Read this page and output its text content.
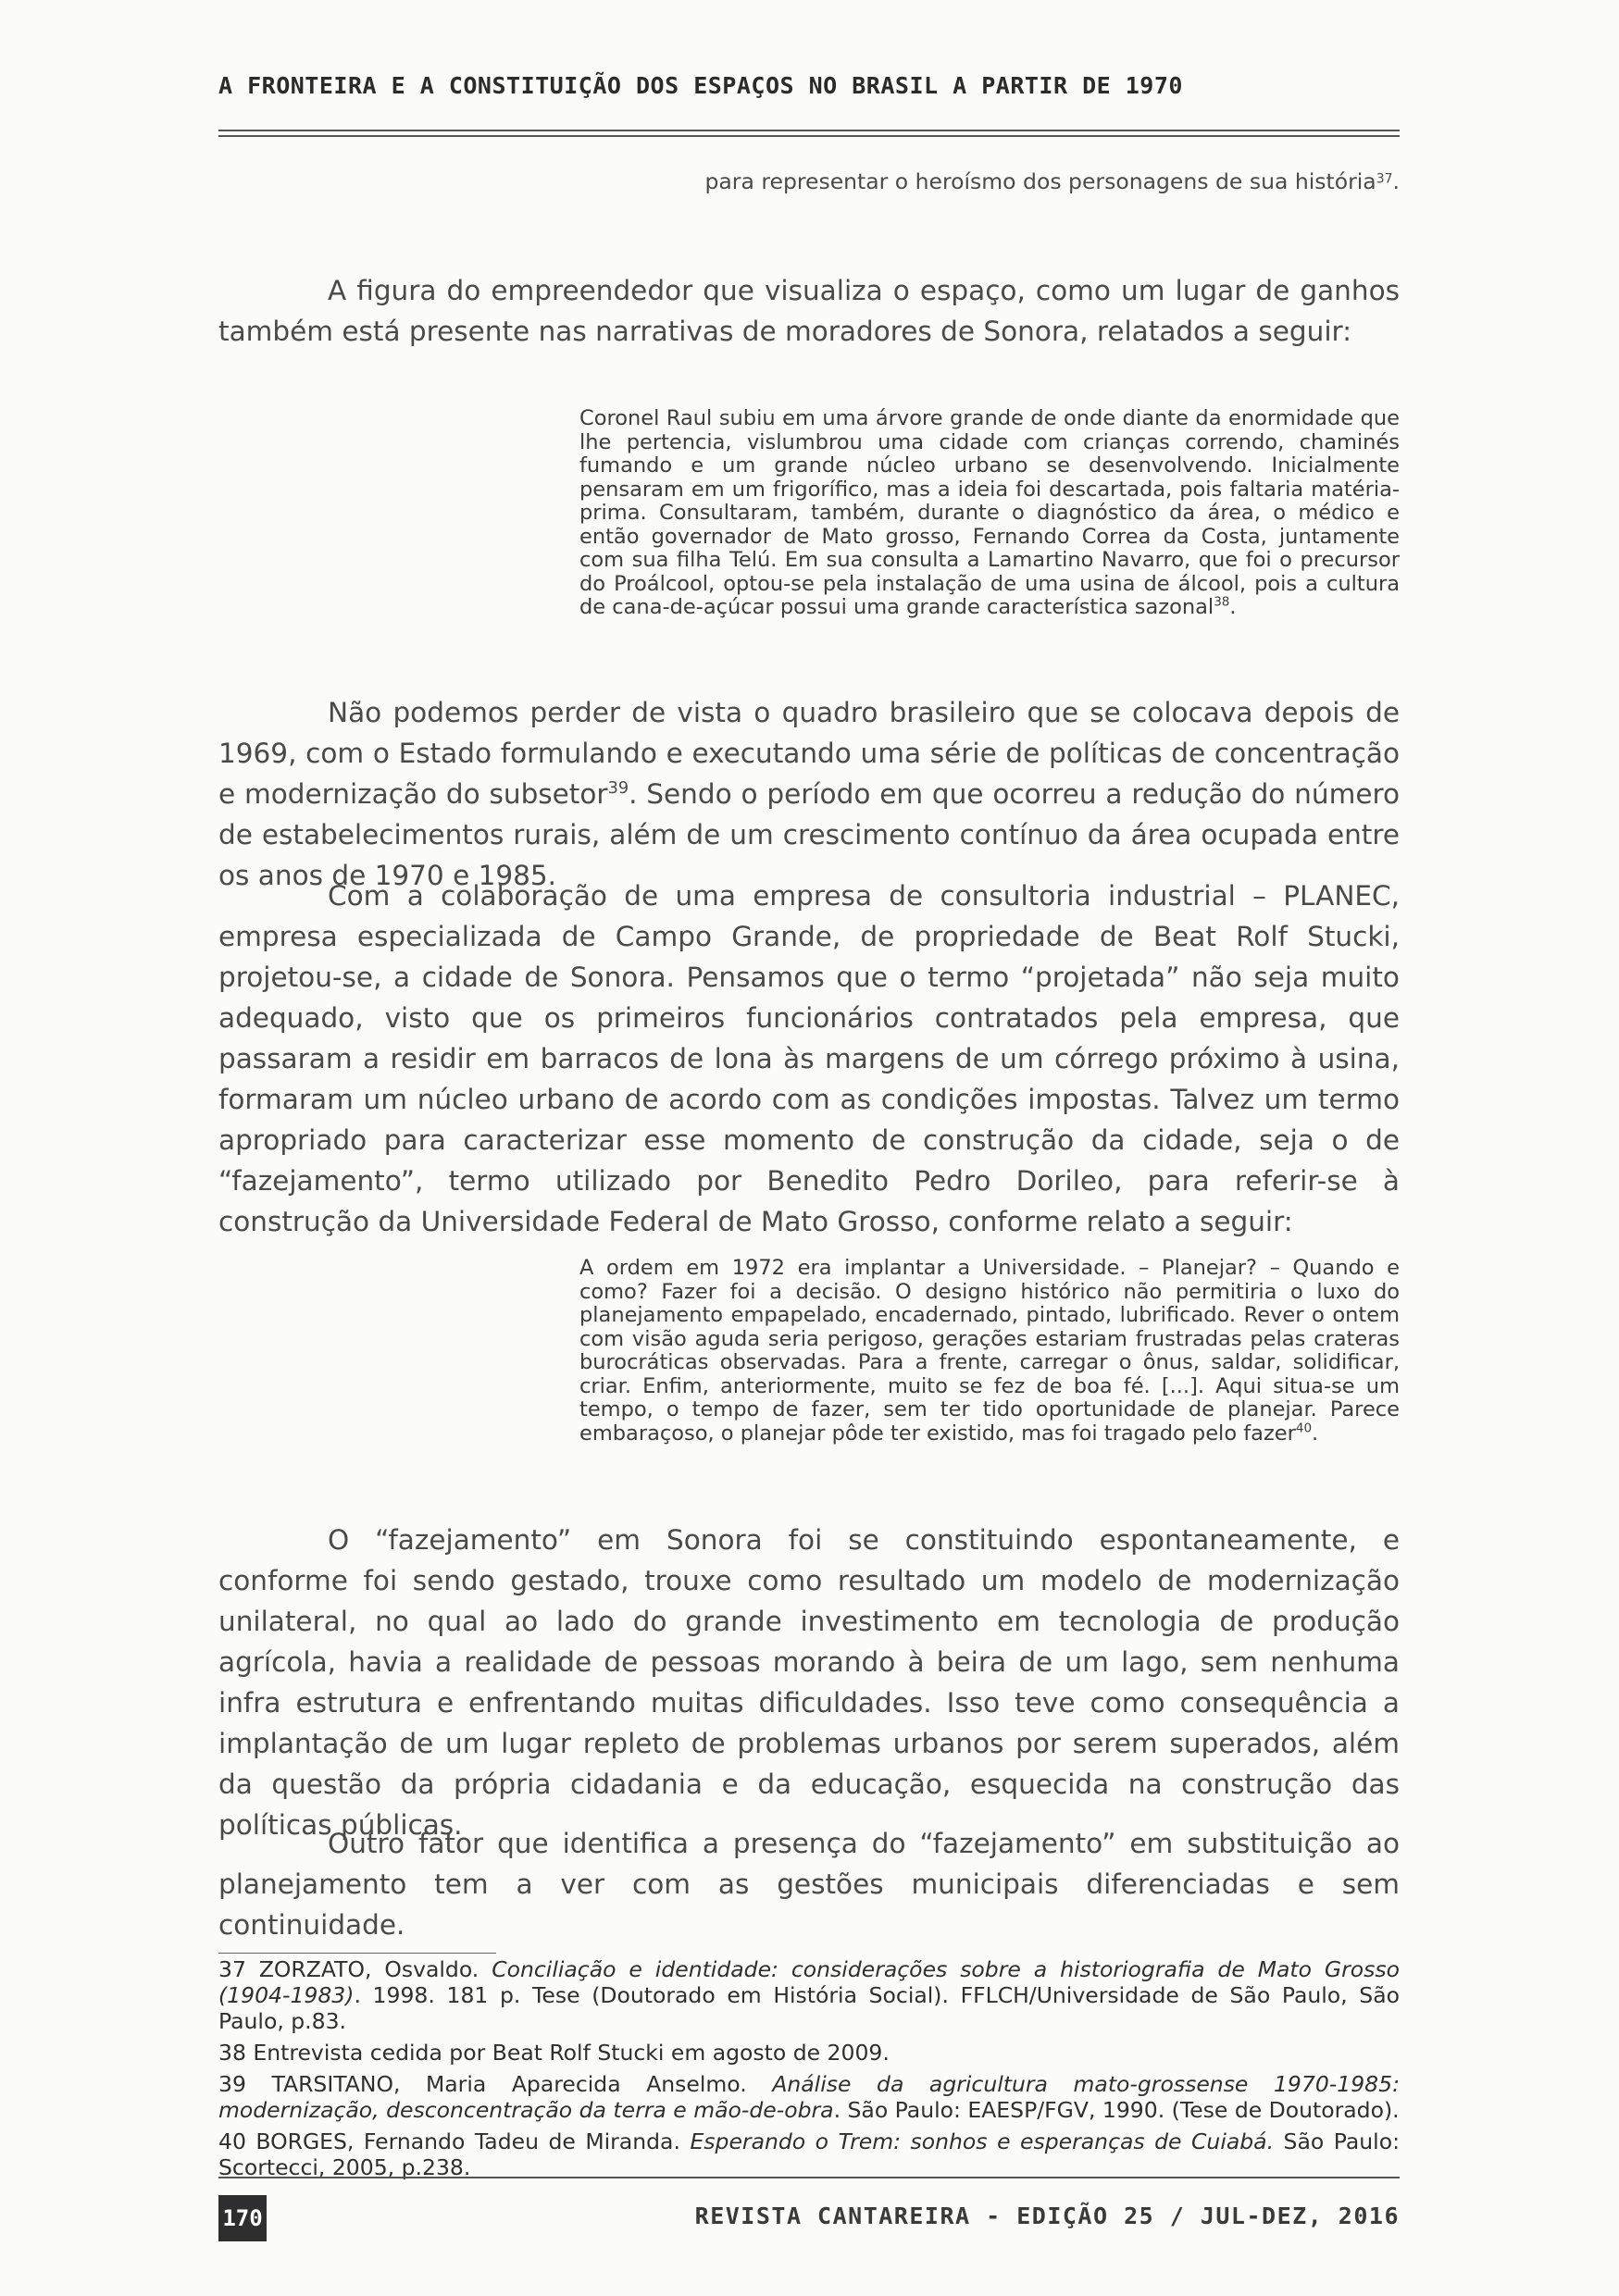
A FRONTEIRA E A CONSTITUIÇÃO DOS ESPAÇOS NO BRASIL A PARTIR DE 1970
para representar o heroísmo dos personagens de sua história$^{37}$.

A figura do empreendedor que visualiza o espaço, como um lugar de ganhos também está presente nas narrativas de moradores de Sonora, relatados a seguir:

Coronel Raul subiu em uma árvore grande de onde diante da enormidade que lhe pertencia, vislumbrou uma cidade com crianças correndo, chaminés fumando e um grande núcleo urbano se desenvolvendo. Inicialmente pensaram em um frigorífico, mas a ideia foi descartada, pois faltaria matéria-prima. Consultaram, também, durante o diagnóstico da área, o médico e então governador de Mato grosso, Fernando Correa da Costa, juntamente com sua filha Telú. Em sua consulta a Lamartino Navarro, que foi o precursor do Proálcool, optou-se pela instalação de uma usina de álcool, pois a cultura de cana-de-açúcar possui uma grande característica sazonal$^{38}$.

Não podemos perder de vista o quadro brasileiro que se colocava depois de 1969, com o Estado formulando e executando uma série de políticas de concentração e modernização do subsetor$^{39}$. Sendo o período em que ocorreu a redução do número de estabelecimentos rurais, além de um crescimento contínuo da área ocupada entre os anos de 1970 e 1985.

Com a colaboração de uma empresa de consultoria industrial – PLANEC, empresa especializada de Campo Grande, de propriedade de Beat Rolf Stucki, projetou-se, a cidade de Sonora. Pensamos que o termo “projetada” não seja muito adequado, visto que os primeiros funcionários contratados pela empresa, que passaram a residir em barracos de lona às margens de um córrego próximo à usina, formaram um núcleo urbano de acordo com as condições impostas. Talvez um termo apropriado para caracterizar esse momento de construção da cidade, seja o de “fazejamento”, termo utilizado por Benedito Pedro Dorileo, para referir-se à construção da Universidade Federal de Mato Grosso, conforme relato a seguir:

A ordem em 1972 era implantar a Universidade. – Planejar? – Quando e como? Fazer foi a decisão. O designo histórico não permitiria o luxo do planejamento empapelado, encadernado, pintado, lubrificado. Rever o ontem com visão aguda seria perigoso, gerações estariam frustradas pelas crateras burocráticas observadas. Para a frente, carregar o ônus, saldar, solidificar, criar. Enfim, anteriormente, muito se fez de boa fé. [...]. Aqui situa-se um tempo, o tempo de fazer, sem ter tido oportunidade de planejar. Parece embaraçoso, o planejar pôde ter existido, mas foi tragado pelo fazer$^{40}$.

O “fazejamento” em Sonora foi se constituindo espontaneamente, e conforme foi sendo gestado, trouxe como resultado um modelo de modernização unilateral, no qual ao lado do grande investimento em tecnologia de produção agrícola, havia a realidade de pessoas morando à beira de um lago, sem nenhuma infra estrutura e enfrentando muitas dificuldades. Isso teve como consequência a implantação de um lugar repleto de problemas urbanos por serem superados, além da questão da própria cidadania e da educação, esquecida na construção das políticas públicas.

Outro fator que identifica a presença do “fazejamento” em substituição ao planejamento tem a ver com as gestões municipais diferenciadas e sem continuidade.

37 ZORZATO, Osvaldo. Conciliação e identidade: considerações sobre a historiografia de Mato Grosso (1904-1983). 1998. 181 p. Tese (Doutorado em História Social). FFLCH/Universidade de São Paulo, São Paulo, p.83.

38 Entrevista cedida por Beat Rolf Stucki em agosto de 2009.

39 TARSITANO, Maria Aparecida Anselmo. Análise da agricultura mato-grossense 1970-1985: modernização, desconcentração da terra e mão-de-obra. São Paulo: EAESP/FGV, 1990. (Tese de Doutorado).

40 BORGES, Fernando Tadeu de Miranda. Esperando o Trem: sonhos e esperanças de Cuiabá. São Paulo: Scortecci, 2005, p.238.

170	REVISTA CANTAREIRA - EDIÇÃO 25 / JUL-DEZ, 2016
